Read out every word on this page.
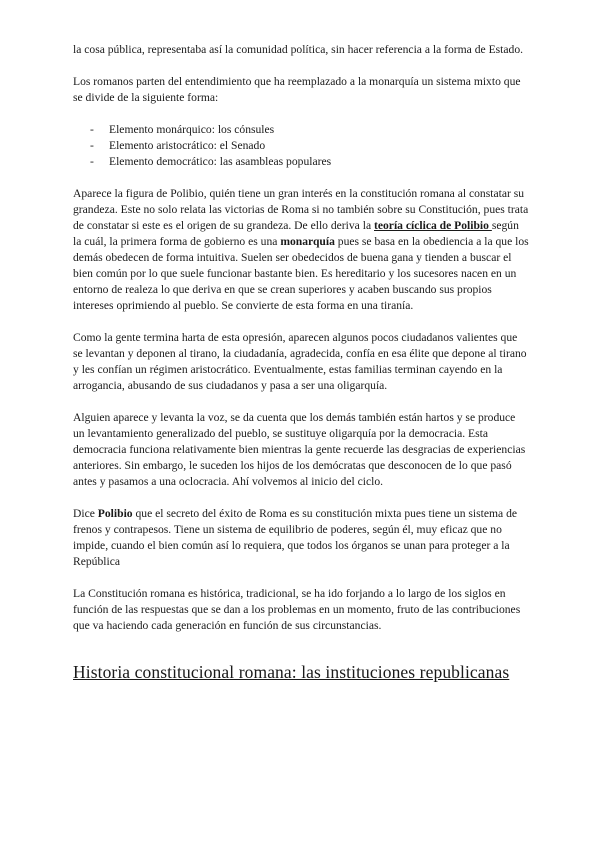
la cosa pública, representaba así la comunidad política, sin hacer referencia a la forma de Estado.

Los romanos parten del entendimiento que ha reemplazado a la monarquía un sistema mixto que se divide de la siguiente forma:

- Elemento monárquico: los cónsules
- Elemento aristocrático: el Senado
- Elemento democrático: las asambleas populares

Aparece la figura de Polibio, quién tiene un gran interés en la constitución romana al constatar su grandeza. Este no solo relata las victorias de Roma si no también sobre su Constitución, pues trata de constatar si este es el origen de su grandeza. De ello deriva la teoría cíclica de Polibio según la cuál, la primera forma de gobierno es una monarquía pues se basa en la obediencia a la que los demás obedecen de forma intuitiva. Suelen ser obedecidos de buena gana y tienden a buscar el bien común por lo que suele funcionar bastante bien. Es hereditario y los sucesores nacen en un entorno de realeza lo que deriva en que se crean superiores y acaben buscando sus propios intereses oprimiendo al pueblo. Se convierte de esta forma en una tiranía.

Como la gente termina harta de esta opresión, aparecen algunos pocos ciudadanos valientes que se levantan y deponen al tirano, la ciudadanía, agradecida, confía en esa élite que depone al tirano y les confían un régimen aristocrático. Eventualmente, estas familias terminan cayendo en la arrogancia, abusando de sus ciudadanos y pasa a ser una oligarquía.

Alguien aparece y levanta la voz, se da cuenta que los demás también están hartos y se produce un levantamiento generalizado del pueblo, se sustituye oligarquía por la democracia. Esta democracia funciona relativamente bien mientras la gente recuerde las desgracias de experiencias anteriores. Sin embargo, le suceden los hijos de los demócratas que desconocen de lo que pasó antes y pasamos a una oclocracia. Ahí volvemos al inicio del ciclo.

Dice Polibio que el secreto del éxito de Roma es su constitución mixta pues tiene un sistema de frenos y contrapesos. Tiene un sistema de equilibrio de poderes, según él, muy eficaz que no impide, cuando el bien común así lo requiera, que todos los órganos se unan para proteger a la República

La Constitución romana es histórica, tradicional, se ha ido forjando a lo largo de los siglos en función de las respuestas que se dan a los problemas en un momento, fruto de las contribuciones que va haciendo cada generación en función de sus circunstancias.

Historia constitucional romana: las instituciones republicanas
